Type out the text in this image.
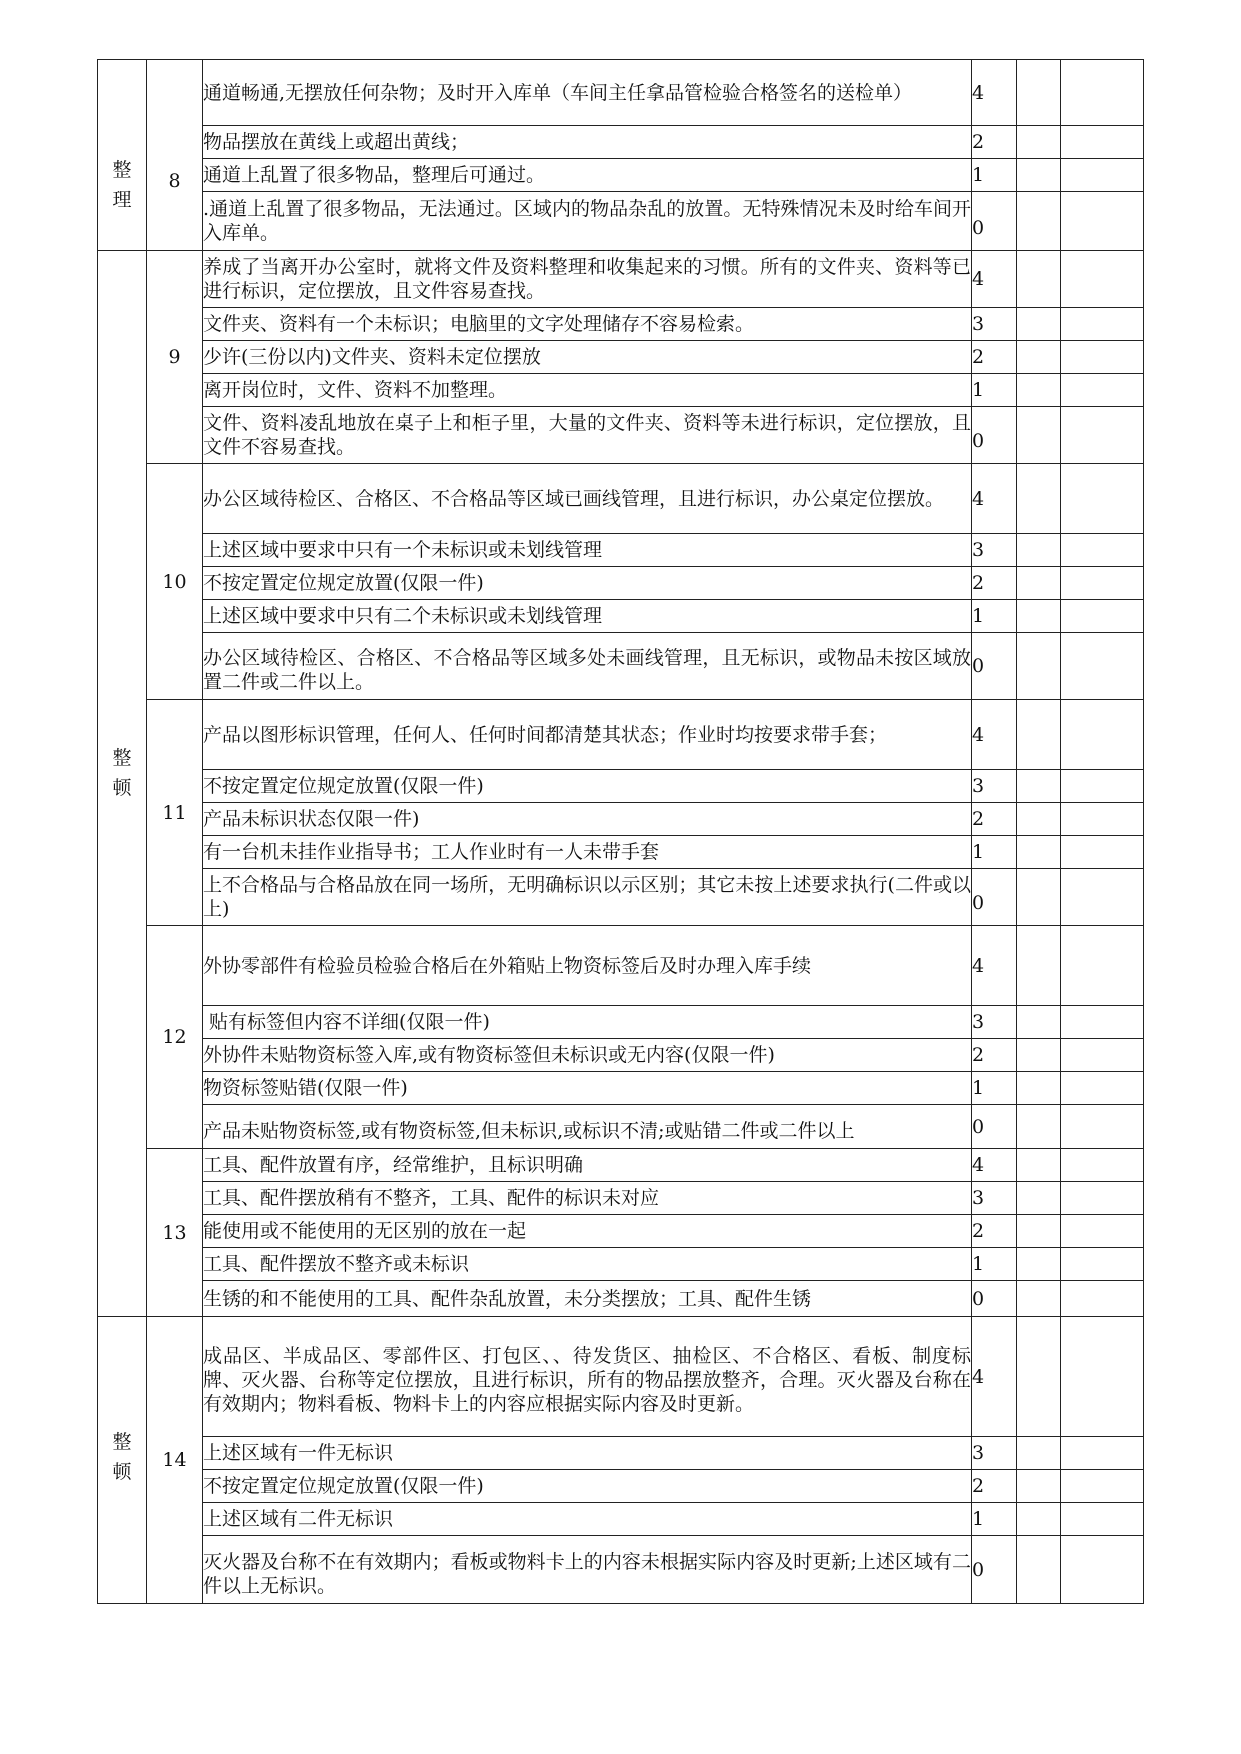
整理	8	通道畅通,无摆放任何杂物；及时开入库单（车间主任拿品管检验合格签名的送检单）	4		
		物品摆放在黄线上或超出黄线；	2		
		通道上乱置了很多物品，整理后可通过。	1		
		.通道上乱置了很多物品，无法通过。区域内的物品杂乱的放置。无特殊情况未及时给车间开入库单。	0		
整顿	9	养成了当离开办公室时，就将文件及资料整理和收集起来的习惯。所有的文件夹、资料等已进行标识，定位摆放，且文件容易查找。	4		
		文件夹、资料有一个未标识；电脑里的文字处理储存不容易检索。	3		
		少许(三份以内)文件夹、资料未定位摆放	2		
		离开岗位时，文件、资料不加整理。	1		
		文件、资料凌乱地放在桌子上和柜子里，大量的文件夹、资料等未进行标识，定位摆放，且文件不容易查找。	0		
	10	办公区域待检区、合格区、不合格品等区域已画线管理，且进行标识，办公桌定位摆放。	4		
		上述区域中要求中只有一个未标识或未划线管理	3		
		不按定置定位规定放置(仅限一件)	2		
		上述区域中要求中只有二个未标识或未划线管理	1		
		办公区域待检区、合格区、不合格品等区域多处未画线管理，且无标识，或物品未按区域放置二件或二件以上。	0		
	11	产品以图形标识管理，任何人、任何时间都清楚其状态；作业时均按要求带手套；	4		
		不按定置定位规定放置(仅限一件)	3		
		产品未标识状态仅限一件)	2		
		有一台机未挂作业指导书；工人作业时有一人未带手套	1		
		上不合格品与合格品放在同一场所，无明确标识以示区别；其它未按上述要求执行(二件或以上)	0		
	12	外协零部件有检验员检验合格后在外箱贴上物资标签后及时办理入库手续	4		
		贴有标签但内容不详细(仅限一件)	3		
		外协件未贴物资标签入库,或有物资标签但未标识或无内容(仅限一件)	2		
		物资标签贴错(仅限一件)	1		
		产品未贴物资标签,或有物资标签,但未标识,或标识不清;或贴错二件或二件以上	0		
	13	工具、配件放置有序，经常维护，且标识明确	4		
		工具、配件摆放稍有不整齐，工具、配件的标识未对应	3		
		能使用或不能使用的无区别的放在一起	2		
		工具、配件摆放不整齐或未标识	1		
		生锈的和不能使用的工具、配件杂乱放置，未分类摆放；工具、配件生锈	0		
整顿	14	成品区、半成品区、零部件区、打包区、、待发货区、抽检区、不合格区、看板、制度标牌、灭火器、台称等定位摆放，且进行标识，所有的物品摆放整齐，合理。灭火器及台称在有效期内；物料看板、物料卡上的内容应根据实际内容及时更新。	4		
		上述区域有一件无标识	3		
		不按定置定位规定放置(仅限一件)	2		
		上述区域有二件无标识	1		
		灭火器及台称不在有效期内；看板或物料卡上的内容未根据实际内容及时更新;上述区域有二件以上无标识。	0		
